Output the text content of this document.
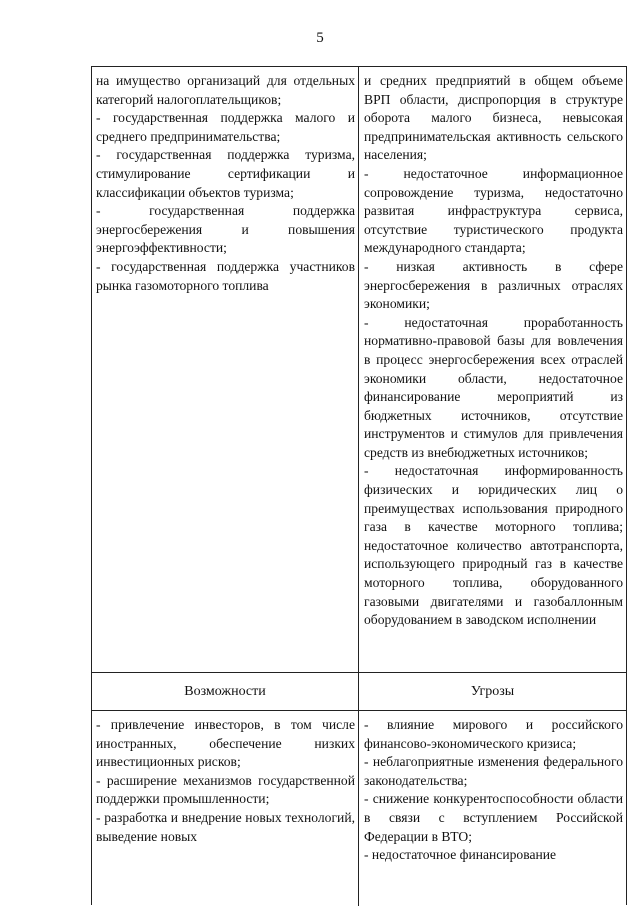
5

на имущество организаций для отдельных категорий налогоплательщиков;

- государственная поддержка малого и среднего предпринимательства;

- государственная поддержка туризма, стимулирование сертификации и классификации объектов туризма;

- государственная поддержка энергосбережения и повышения энергоэффективности;

- государственная поддержка участников рынка газомоторного топлива

и средних предприятий в общем объеме ВРП области, диспропорция в структуре оборота малого бизнеса, невысокая предпринимательская активность сельского населения;

- недостаточное информационное сопровождение туризма, недостаточно развитая инфраструктура сервиса, отсутствие туристического продукта международного стандарта;

- низкая активность в сфере энергосбережения в различных отраслях экономики;

- недостаточная проработанность нормативно-правовой базы для вовлечения в процесс энергосбережения всех отраслей экономики области, недостаточное финансирование мероприятий из бюджетных источников, отсутствие инструментов и стимулов для привлечения средств из внебюджетных источников;

- недостаточная информированность физических и юридических лиц о преимуществах использования природного газа в качестве моторного топлива; недостаточное количество автотранспорта, использующего природный газ в качестве моторного топлива, оборудованного газовыми двигателями и газобаллонным оборудованием в заводском исполнении

Возможности	Угрозы

- привлечение инвесторов, в том числе иностранных, обеспечение низких инвестиционных рисков;

- расширение механизмов государственной поддержки промышленности;

- разработка и внедрение новых технологий, выведение новых

- влияние мирового и российского финансово-экономического кризиса;

- неблагоприятные изменения федерального законодательства;

- снижение конкурентоспособности области в связи с вступлением Российской Федерации в ВТО;

- недостаточное финансирование
